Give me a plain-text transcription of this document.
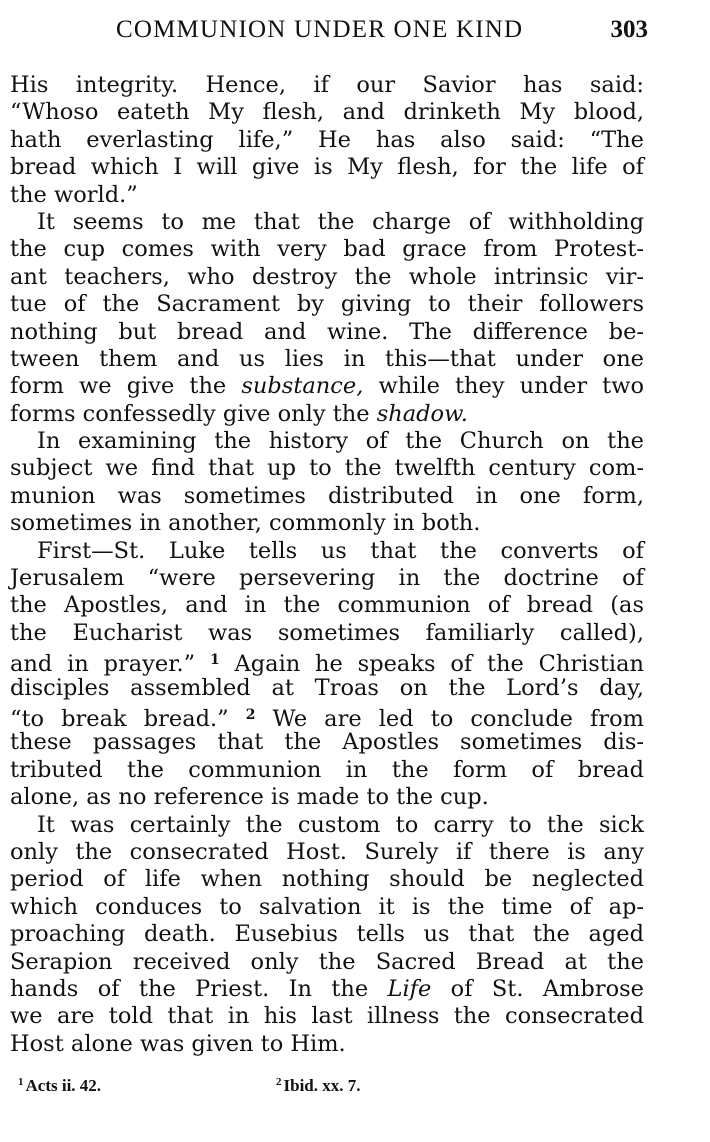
COMMUNION UNDER ONE KIND	303
His integrity. Hence, if our Savior has said:
“Whoso eateth My flesh, and drinketh My blood,
hath everlasting life,” He has also said: “The
bread which I will give is My flesh, for the life of
the world.”
It seems to me that the charge of withholding
the cup comes with very bad grace from Protest-
ant teachers, who destroy the whole intrinsic vir-
tue of the Sacrament by giving to their followers
nothing but bread and wine. The difference be-
tween them and us lies in this—that under one
form we give the substance, while they under two
forms confessedly give only the shadow.
In examining the history of the Church on the
subject we find that up to the twelfth century com-
munion was sometimes distributed in one form,
sometimes in another, commonly in both.
First—St. Luke tells us that the converts of
Jerusalem “were persevering in the doctrine of
the Apostles, and in the communion of bread (as
the Eucharist was sometimes familiarly called),
and in prayer.” $^1$ Again he speaks of the Christian
disciples assembled at Troas on the Lord’s day,
“to break bread.” $^2$ We are led to conclude from
these passages that the Apostles sometimes dis-
tributed the communion in the form of bread
alone, as no reference is made to the cup.
It was certainly the custom to carry to the sick
only the consecrated Host. Surely if there is any
period of life when nothing should be neglected
which conduces to salvation it is the time of ap-
proaching death. Eusebius tells us that the aged
Serapion received only the Sacred Bread at the
hands of the Priest. In the Life of St. Ambrose
we are told that in his last illness the consecrated
Host alone was given to Him.
$^1$ Acts ii. 42.	$^2$ Ibid. xx. 7.
